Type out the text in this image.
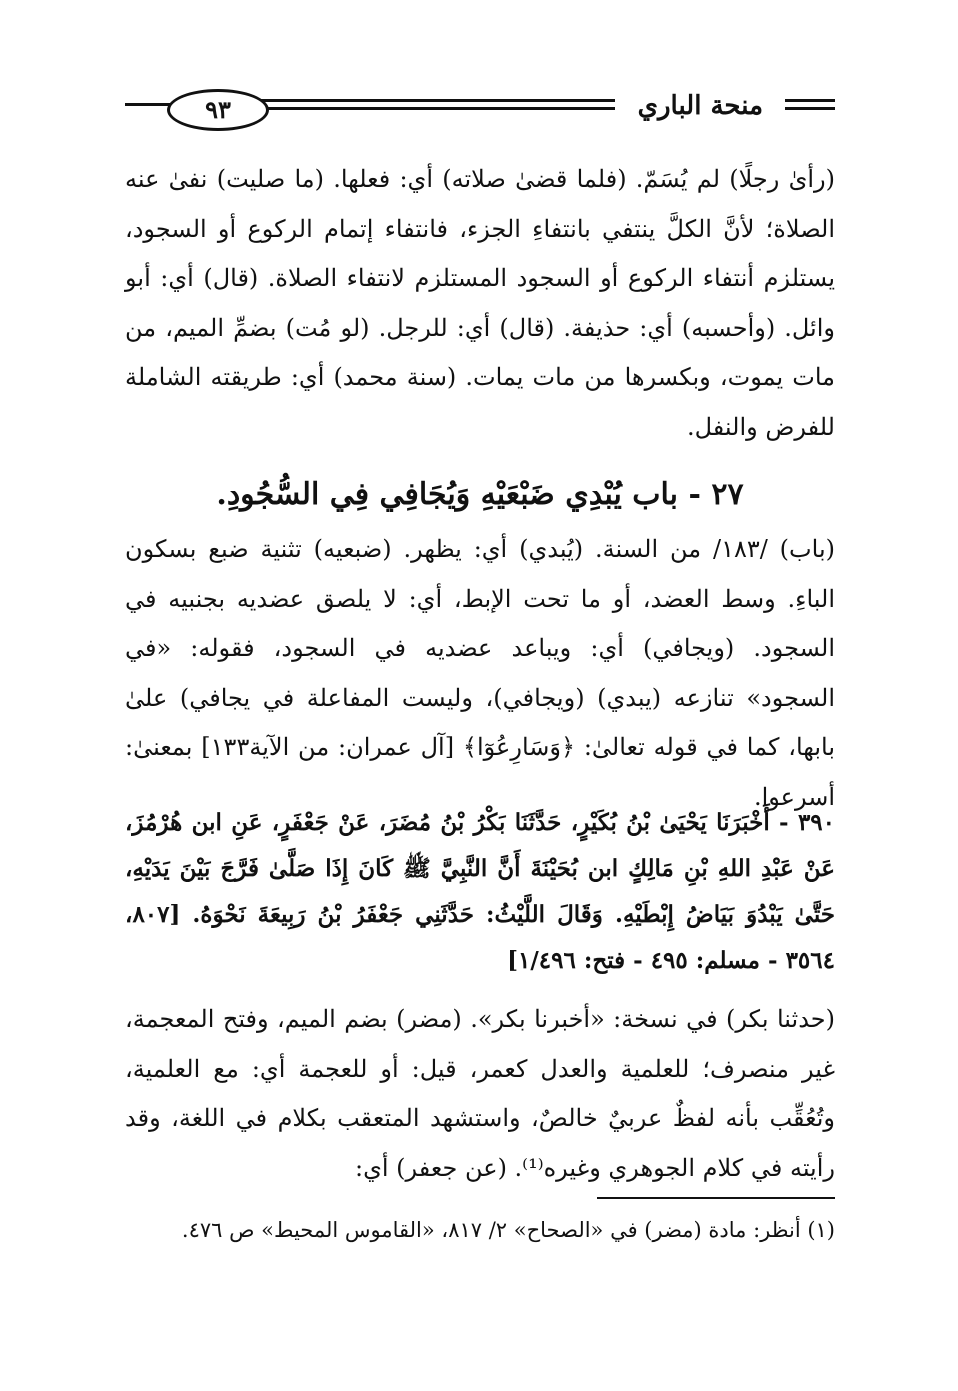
منحة الباري
٩٣
(رأىٰ رجلًا) لم يُسَمّ. (فلما قضىٰ صلاته) أي: فعلها. (ما صليت) نفىٰ عنه الصلاة؛ لأنَّ الكلَّ ينتفي بانتفاءِ الجزء، فانتفاء إتمام الركوع أو السجود، يستلزم أنتفاء الركوع أو السجود المستلزم لانتفاء الصلاة. (قال) أي: أبو وائل. (وأحسبه) أي: حذيفة. (قال) أي: للرجل. (لو مُت) بضمِّ الميم، من مات يموت، وبكسرها من مات يمات. (سنة محمد) أي: طريقته الشاملة للفرض والنفل.
٢٧ - باب يُبْدِي ضَبْعَيْهِ وَيُجَافِي فِي السُّجُودِ.
(باب) /١٨٣/ من السنة. (يُبدي) أي: يظهر. (ضبعيه) تثنية ضبع بسكون الباءِ. وسط العضد، أو ما تحت الإبط، أي: لا يلصق عضديه بجنبيه في السجود. (ويجافي) أي: ويباعد عضديه في السجود، فقوله: «في السجود» تنازعه (يبدي) (ويجافي)، وليست المفاعلة في يجافي) علىٰ بابها، كما في قوله تعالىٰ: ﴿وَسَارِعُوٓا﴾ [آل عمران: من الآية١٣٣] بمعنىٰ: أسرعوا.
٣٩٠ - أَخْبَرَنَا يَحْيَىٰ بْنُ بُكَيْرٍ، حَدَّثَنَا بَكْرُ بْنُ مُضَرَ، عَنْ جَعْفَرٍ، عَنِ ابن هُرْمُزَ، عَنْ عَبْدِ اللهِ بْنِ مَالِكٍ ابن بُحَيْنَةَ أَنَّ النَّبِيَّ ﷺ كَانَ إِذَا صَلَّىٰ فَرَّجَ بَيْنَ يَدَيْهِ، حَتَّىٰ يَبْدُوَ بَيَاضُ إِبْطَيْهِ. وَقَالَ اللَّيْثُ: حَدَّثَنِي جَعْفَرُ بْنُ رَبِيعَةَ نَحْوَهُ. [٨٠٧، ٣٥٦٤ - مسلم: ٤٩٥ - فتح: ١/٤٩٦]
(حدثنا بكر) في نسخة: «أخبرنا بكر». (مضر) بضم الميم، وفتح المعجمة، غير منصرف؛ للعلمية والعدل كعمر، قيل: أو للعجمة أي: مع العلمية، وتُعُقِّب بأنه لفظٌ عربيٌ خالصٌ، واستشهد المتعقب بكلام في اللغة، وقد رأيته في كلام الجوهري وغيره⁽¹⁾. (عن جعفر) أي:
(١) أنظر: مادة (مضر) في «الصحاح» ٢/ ٨١٧، «القاموس المحيط» ص ٤٧٦.
